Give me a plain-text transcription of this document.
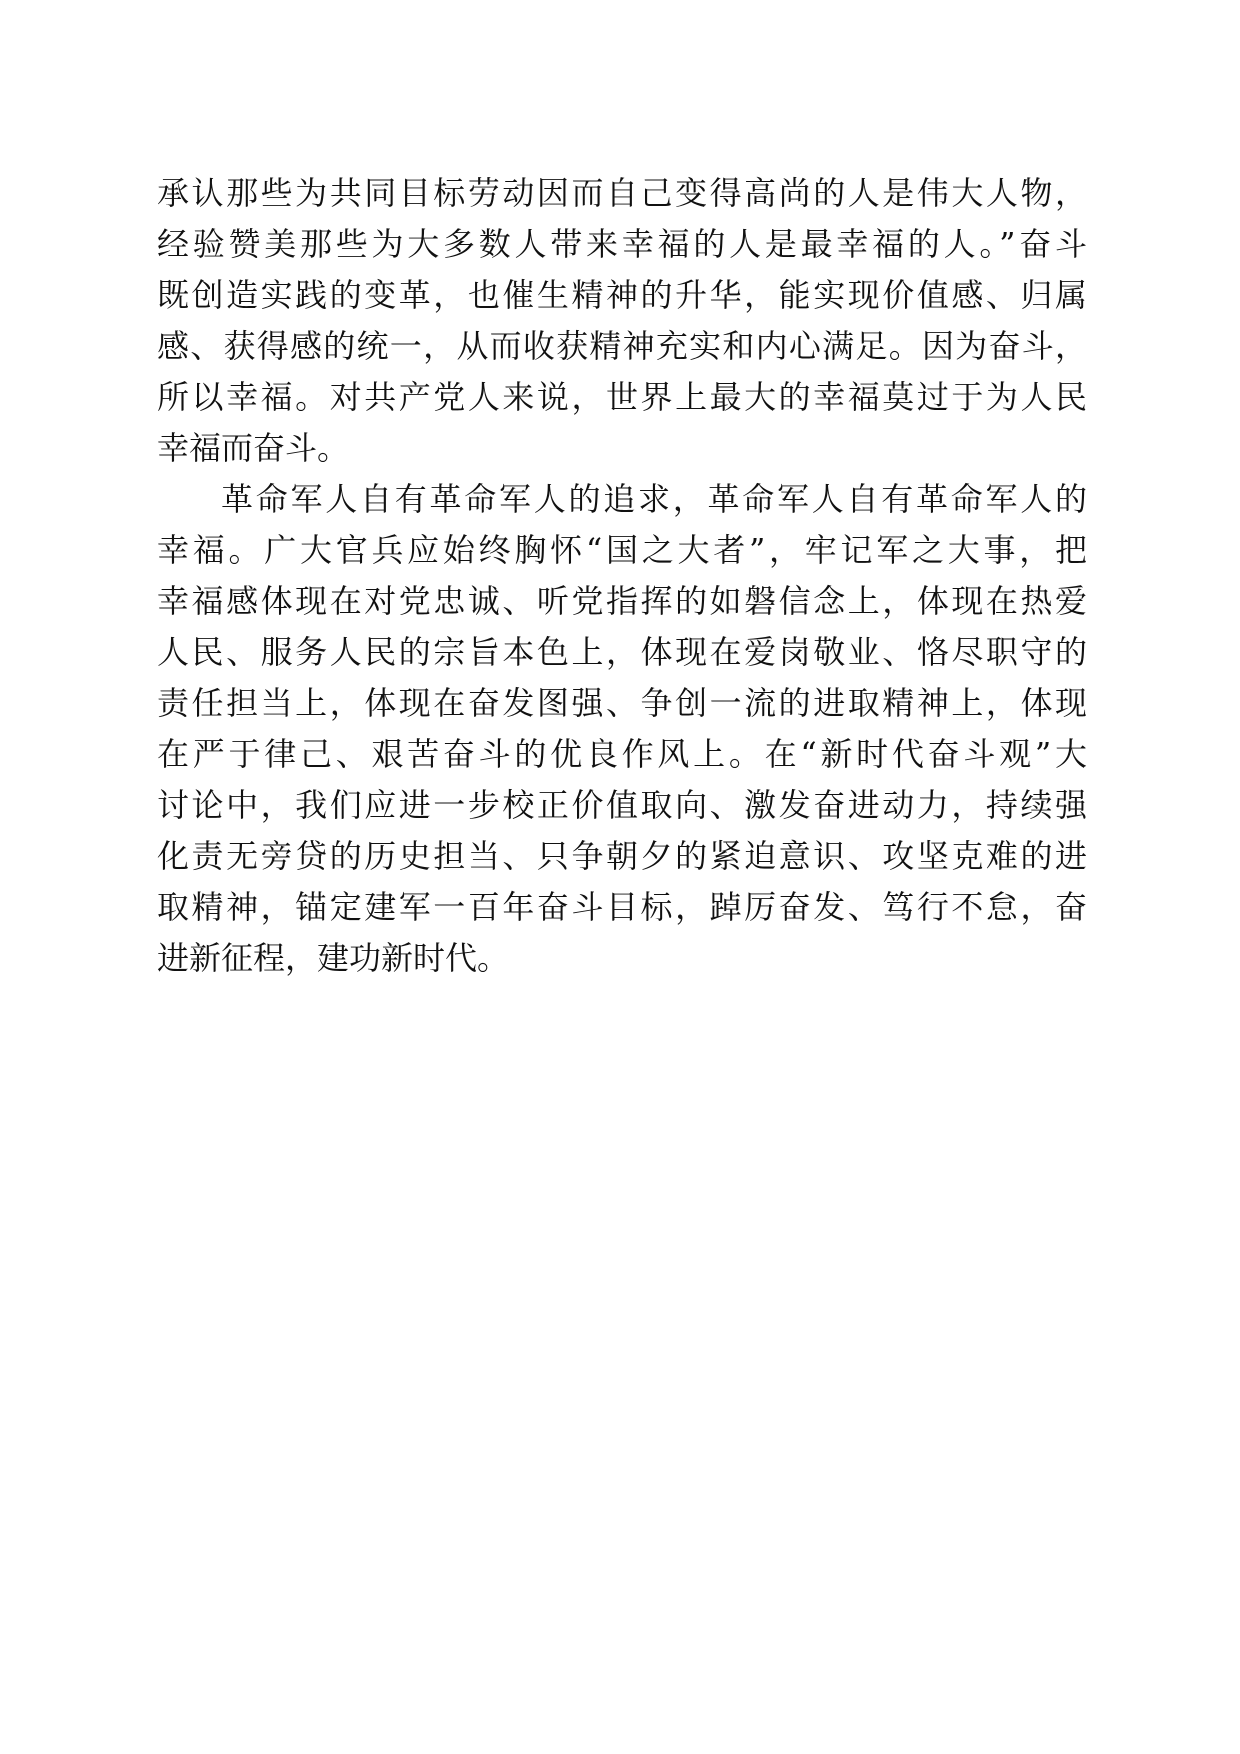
承认那些为共同目标劳动因而自己变得高尚的人是伟大人物，
经验赞美那些为大多数人带来幸福的人是最幸福的人。”奋斗
既创造实践的变革，也催生精神的升华，能实现价值感、归属
感、获得感的统一，从而收获精神充实和内心满足。因为奋斗，
所以幸福。对共产党人来说，世界上最大的幸福莫过于为人民
幸福而奋斗。
革命军人自有革命军人的追求，革命军人自有革命军人的
幸福。广大官兵应始终胸怀“国之大者”，牢记军之大事，把
幸福感体现在对党忠诚、听党指挥的如磐信念上，体现在热爱
人民、服务人民的宗旨本色上，体现在爱岗敬业、恪尽职守的
责任担当上，体现在奋发图强、争创一流的进取精神上，体现
在严于律己、艰苦奋斗的优良作风上。在“新时代奋斗观”大
讨论中，我们应进一步校正价值取向、激发奋进动力，持续强
化责无旁贷的历史担当、只争朝夕的紧迫意识、攻坚克难的进
取精神，锚定建军一百年奋斗目标，踔厉奋发、笃行不怠，奋
进新征程，建功新时代。
